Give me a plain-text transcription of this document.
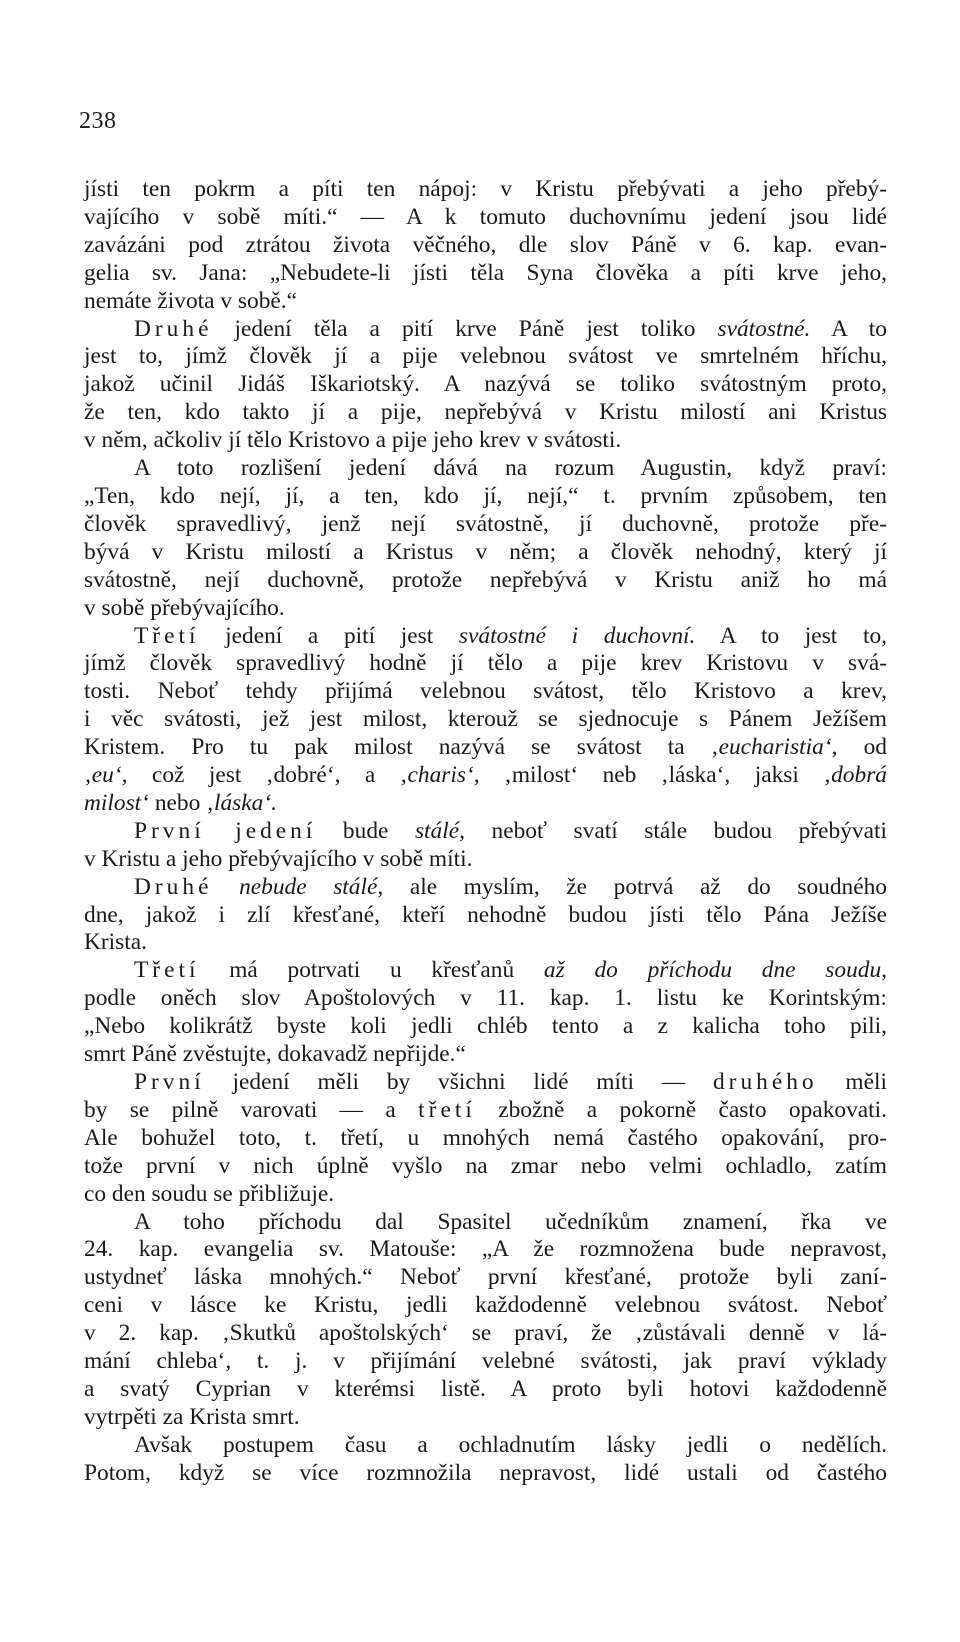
238
jísti ten pokrm a píti ten nápoj: v Kristu přebývati a jeho přebý-
vajícího v sobě míti.“ — A k tomuto duchovnímu jedení jsou lidé
zavázáni pod ztrátou života věčného, dle slov Páně v 6. kap. evan-
gelia sv. Jana: „Nebudete-li jísti těla Syna člověka a píti krve jeho,
nemáte života v sobě.“
Druhé jedení těla a pití krve Páně jest toliko svátostné. A to
jest to, jímž člověk jí a pije velebnou svátost ve smrtelném hříchu,
jakož učinil Jidáš Iškariotský. A nazývá se toliko svátostným proto,
že ten, kdo takto jí a pije, nepřebývá v Kristu milostí ani Kristus
v něm, ačkoliv jí tělo Kristovo a pije jeho krev v svátosti.
A toto rozlišení jedení dává na rozum Augustin, když praví:
„Ten, kdo nejí, jí, a ten, kdo jí, nejí,“ t. prvním způsobem, ten
člověk spravedlivý, jenž nejí svátostně, jí duchovně, protože pře-
bývá v Kristu milostí a Kristus v něm; a člověk nehodný, který jí
svátostně, nejí duchovně, protože nepřebývá v Kristu aniž ho má
v sobě přebývajícího.
Třetí jedení a pití jest svátostné i duchovní. A to jest to,
jímž člověk spravedlivý hodně jí tělo a pije krev Kristovu v svá-
tosti. Neboť tehdy přijímá velebnou svátost, tělo Kristovo a krev,
i věc svátosti, jež jest milost, kterouž se sjednocuje s Pánem Ježíšem
Kristem. Pro tu pak milost nazývá se svátost ta ‚eucharistia‘, od
‚eu‘, což jest ‚dobré‘, a ‚charis‘, ‚milost‘ neb ‚láska‘, jaksi ‚dobrá
milost‘ nebo ‚láska‘.
První jedení bude stálé, neboť svatí stále budou přebývati
v Kristu a jeho přebývajícího v sobě míti.
Druhé nebude stálé, ale myslím, že potrvá až do soudného
dne, jakož i zlí křesťané, kteří nehodně budou jísti tělo Pána Ježíše
Krista.
Třetí má potrvati u křesťanů až do příchodu dne soudu,
podle oněch slov Apoštolových v 11. kap. 1. listu ke Korintským:
„Nebo kolikrátž byste koli jedli chléb tento a z kalicha toho pili,
smrt Páně zvěstujte, dokavadž nepřijde.“
První jedení měli by všichni lidé míti — druhého měli
by se pilně varovati — a třetí zbožně a pokorně často opakovati.
Ale bohužel toto, t. třetí, u mnohých nemá častého opakování, pro-
tože první v nich úplně vyšlo na zmar nebo velmi ochladlo, zatím
co den soudu se přibližuje.
A toho příchodu dal Spasitel učedníkům znamení, řka ve
24. kap. evangelia sv. Matouše: „A že rozmnožena bude nepravost,
ustydneť láska mnohých.“ Neboť první křesťané, protože byli zaní-
ceni v lásce ke Kristu, jedli každodenně velebnou svátost. Neboť
v 2. kap. ‚Skutků apoštolských‘ se praví, že ‚zůstávali denně v lá-
mání chleba‘, t. j. v přijímání velebné svátosti, jak praví výklady
a svatý Cyprian v kterémsi listě. A proto byli hotovi každodenně
vytrpěti za Krista smrt.
Avšak postupem času a ochladnutím lásky jedli o nedělích.
Potom, když se více rozmnožila nepravost, lidé ustali od častého
